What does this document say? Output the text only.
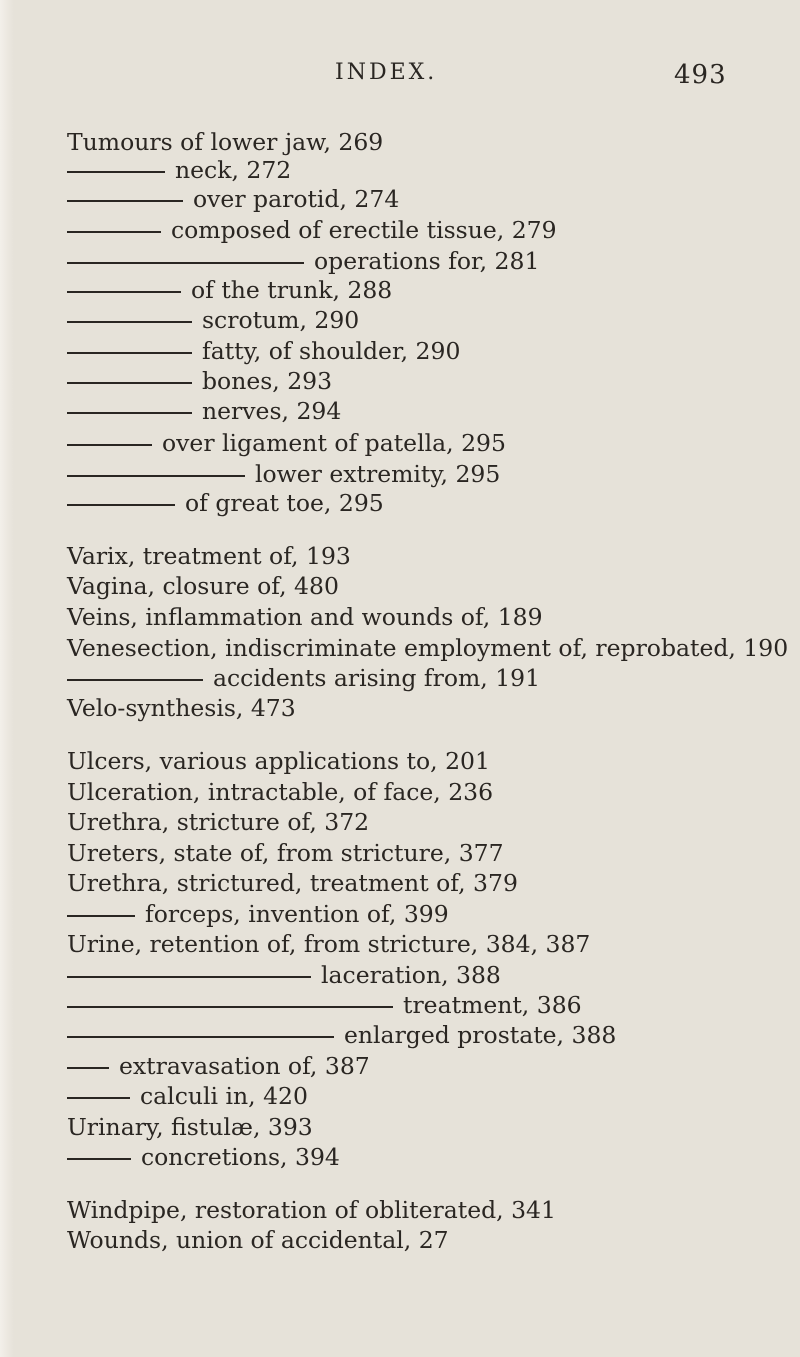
INDEX.	493
Tumours of lower jaw, 269
neck, 272
over parotid, 274
composed of erectile tissue, 279
operations for, 281
of the trunk, 288
scrotum, 290
fatty, of shoulder, 290
bones, 293
nerves, 294
over ligament of patella, 295
lower extremity, 295
of great toe, 295
Varix, treatment of, 193
Vagina, closure of, 480
Veins, inflammation and wounds of, 189
Venesection, indiscriminate employment of, reprobated, 190
accidents arising from, 191
Velo-synthesis, 473
Ulcers, various applications to, 201
Ulceration, intractable, of face, 236
Urethra, stricture of, 372
Ureters, state of, from stricture, 377
Urethra, strictured, treatment of, 379
forceps, invention of, 399
Urine, retention of, from stricture, 384, 387
laceration, 388
treatment, 386
enlarged prostate, 388
extravasation of, 387
calculi in, 420
Urinary, fistulæ, 393
concretions, 394
Windpipe, restoration of obliterated, 341
Wounds, union of accidental, 27
